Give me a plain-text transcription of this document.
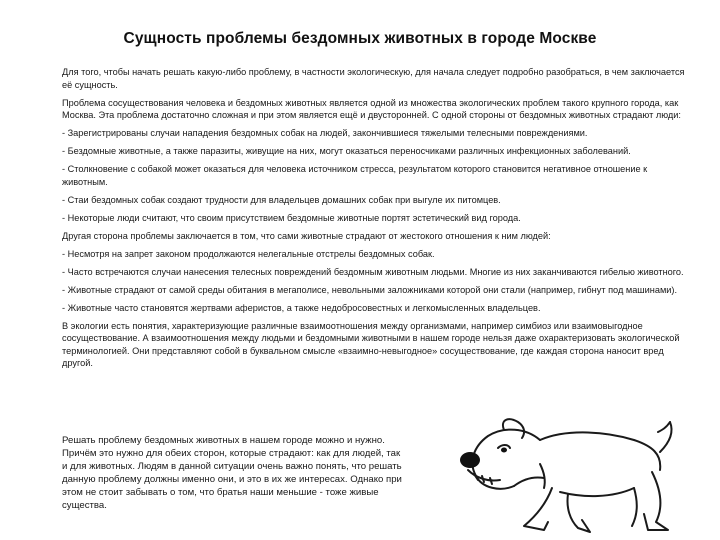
Сущность проблемы бездомных животных в городе Москве

Для того, чтобы начать решать какую-либо проблему, в частности экологическую, для начала следует подробно разобраться, в чем заключается её сущность.

Проблема сосуществования человека и бездомных животных является одной из множества экологических проблем такого крупного города, как Москва. Эта проблема достаточно сложная и при этом является ещё и двусторонней. С одной стороны от бездомных животных страдают люди:

- Зарегистрированы случаи нападения бездомных собак на людей, закончившиеся тяжелыми телесными повреждениями.

- Бездомные животные, а также паразиты, живущие на них, могут оказаться переносчиками различных инфекционных заболеваний.

- Столкновение с собакой может оказаться для человека источником стресса, результатом которого становится негативное отношение к животным.

- Стаи бездомных собак создают трудности для владельцев домашних собак при выгуле их питомцев.

- Некоторые люди считают, что своим присутствием бездомные животные портят эстетический вид города.

Другая сторона проблемы заключается в том, что сами животные страдают от жестокого отношения к ним людей:

- Несмотря на запрет законом продолжаются нелегальные отстрелы бездомных собак.

- Часто встречаются случаи нанесения телесных повреждений бездомным животным людьми. Многие из них заканчиваются гибелью животного.

- Животные страдают от самой среды обитания в мегаполисе, невольными заложниками которой они стали (например, гибнут под машинами).

- Животные часто становятся жертвами аферистов, а также недобросовестных и легкомысленных владельцев.

В экологии есть понятия, характеризующие различные взаимоотношения между организмами, например симбиоз или взаимовыгодное сосуществование. А взаимоотношения между людьми и бездомными животными в нашем городе нельзя даже охарактеризовать экологической терминологией. Они представляют собой в буквальном смысле «взаимно-невыгодное» сосуществование, где каждая сторона наносит вред другой.

Решать проблему бездомных животных в нашем городе можно и нужно. Причём это нужно для обеих сторон, которые страдают: как для людей, так и для животных. Людям в данной ситуации очень важно понять, что решать данную проблему должны именно они, и это в их же интересах. Однако при этом не стоит забывать о том, что братья наши меньшие - тоже живые существа.
